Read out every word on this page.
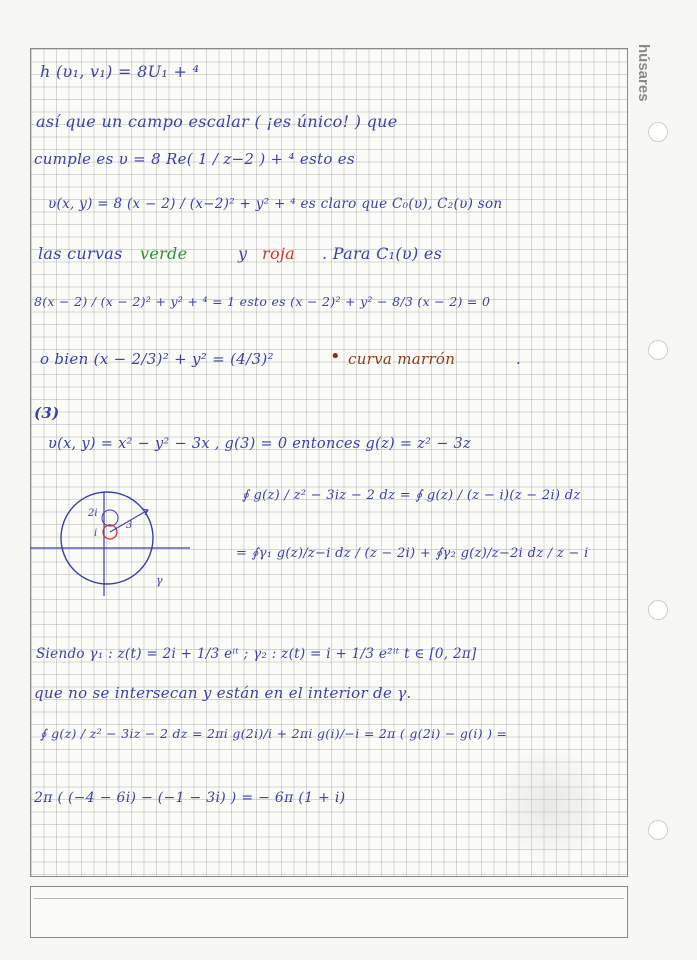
húsares
h (υ₁, v₁) = 8U₁ + ⁴
así que un campo escalar ( ¡es único! ) que
cumple es υ = 8 Re( 1 / z−2 ) + ⁴ esto es
υ(x, y) = 8 (x − 2) / (x−2)² + y² + ⁴ es claro que C₀(υ), C₂(υ) son
las curvas verde	y roja . Para C₁(υ) es
8(x − 2) / (x − 2)² + y² + ⁴ = 1 esto es (x − 2)² + y² − 8/3 (x − 2) = 0
o bien (x − 2/3)² + y² = (4/3)²	• curva marrón	.
(3)
υ(x, y) = x² − y² − 3x , g(3) = 0 entonces g(z) = z² − 3z
∮ g(z) / z² − 3iz − 2 dz = ∮ g(z) / (z − i)(z − 2i) dz
= ∮γ₁ g(z)/z−i dz / (z − 2i) + ∮γ₂ g(z)/z−2i dz / z − i
Siendo γ₁ : z(t) = 2i + 1/3 eⁱᵗ ; γ₂ : z(t) = i + 1/3 e²ⁱᵗ t ∈ [0, 2π]
que no se intersecan y están en el interior de γ.
∮ g(z) / z² − 3iz − 2 dz = 2πi g(2i)/i + 2πi g(i)/−i = 2π ( g(2i) − g(i) ) =
2π ( (−4 − 6i) − (−1 − 3i) ) = − 6π (1 + i)
2i
i
3
γ
